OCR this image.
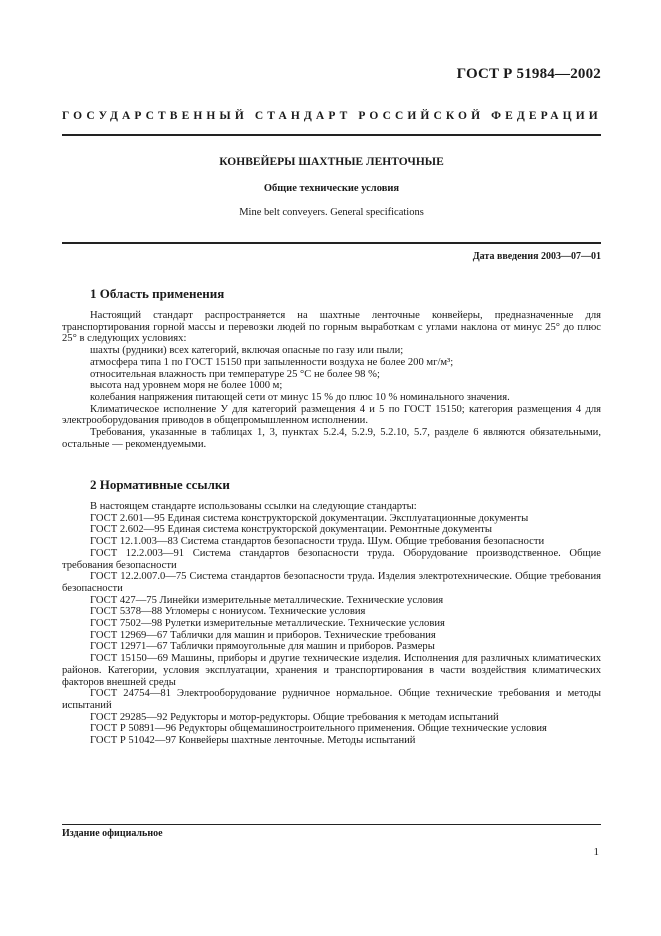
ГОСТ Р 51984—2002
ГОСУДАРСТВЕННЫЙ СТАНДАРТ РОССИЙСКОЙ ФЕДЕРАЦИИ
КОНВЕЙЕРЫ ШАХТНЫЕ ЛЕНТОЧНЫЕ
Общие технические условия
Mine belt conveyers. General specifications
Дата введения 2003—07—01
1 Область применения

Настоящий стандарт распространяется на шахтные ленточные конвейеры, предназначенные для транспортирования горной массы и перевозки людей по горным выработкам с углами наклона от минус 25° до плюс 25° в следующих условиях:

шахты (рудники) всех категорий, включая опасные по газу или пыли;

атмосфера типа 1 по ГОСТ 15150 при запыленности воздуха не более 200 мг/м³;

относительная влажность при температуре 25 °С не более 98 %;

высота над уровнем моря не более 1000 м;

колебания напряжения питающей сети от минус 15 % до плюс 10 % номинального значения.

Климатическое исполнение У для категорий размещения 4 и 5 по ГОСТ 15150; категория размещения 4 для электрооборудования приводов в общепромышленном исполнении.

Требования, указанные в таблицах 1, 3, пунктах 5.2.4, 5.2.9, 5.2.10, 5.7, разделе 6 являются обязательными, остальные — рекомендуемыми.

2 Нормативные ссылки

В настоящем стандарте использованы ссылки на следующие стандарты:

ГОСТ 2.601—95 Единая система конструкторской документации. Эксплуатационные документы

ГОСТ 2.602—95 Единая система конструкторской документации. Ремонтные документы

ГОСТ 12.1.003—83 Система стандартов безопасности труда. Шум. Общие требования безопасности

ГОСТ 12.2.003—91 Система стандартов безопасности труда. Оборудование производственное. Общие требования безопасности

ГОСТ 12.2.007.0—75 Система стандартов безопасности труда. Изделия электротехнические. Общие требования безопасности

ГОСТ 427—75 Линейки измерительные металлические. Технические условия

ГОСТ 5378—88 Угломеры с нониусом. Технические условия

ГОСТ 7502—98 Рулетки измерительные металлические. Технические условия

ГОСТ 12969—67 Таблички для машин и приборов. Технические требования

ГОСТ 12971—67 Таблички прямоугольные для машин и приборов. Размеры

ГОСТ 15150—69 Машины, приборы и другие технические изделия. Исполнения для различных климатических районов. Категории, условия эксплуатации, хранения и транспортирования в части воздействия климатических факторов внешней среды

ГОСТ 24754—81 Электрооборудование рудничное нормальное. Общие технические требования и методы испытаний

ГОСТ 29285—92 Редукторы и мотор-редукторы. Общие требования к методам испытаний

ГОСТ Р 50891—96 Редукторы общемашиностроительного применения. Общие технические условия

ГОСТ Р 51042—97 Конвейеры шахтные ленточные. Методы испытаний

Издание официальное
1
